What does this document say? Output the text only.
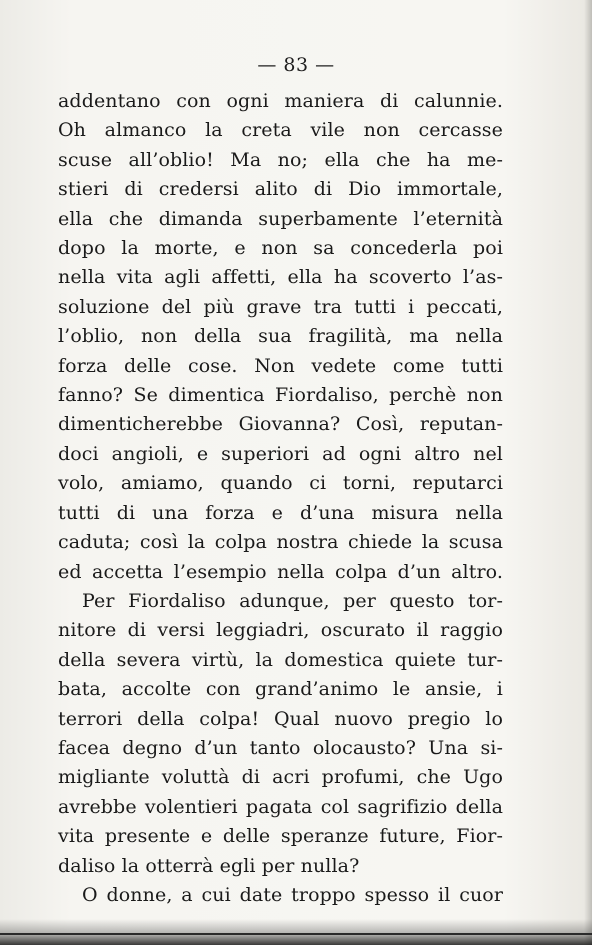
— 83 —
addentano con ogni maniera di calunnie.
Oh almanco la creta vile non cercasse
scuse all’oblio! Ma no; ella che ha me-
stieri di credersi alito di Dio immortale,
ella che dimanda superbamente l’eternità
dopo la morte, e non sa concederla poi
nella vita agli affetti, ella ha scoverto l’as-
soluzione del più grave tra tutti i peccati,
l’oblio, non della sua fragilità, ma nella
forza delle cose. Non vedete come tutti
fanno? Se dimentica Fiordaliso, perchè non
dimenticherebbe Giovanna? Così, reputan-
doci angioli, e superiori ad ogni altro nel
volo, amiamo, quando ci torni, reputarci
tutti di una forza e d’una misura nella
caduta; così la colpa nostra chiede la scusa
ed accetta l’esempio nella colpa d’un altro.
Per Fiordaliso adunque, per questo tor-
nitore di versi leggiadri, oscurato il raggio
della severa virtù, la domestica quiete tur-
bata, accolte con grand’animo le ansie, i
terrori della colpa! Qual nuovo pregio lo
facea degno d’un tanto olocausto? Una si-
migliante voluttà di acri profumi, che Ugo
avrebbe volentieri pagata col sagrifizio della
vita presente e delle speranze future, Fior-
daliso la otterrà egli per nulla?
O donne, a cui date troppo spesso il cuor
